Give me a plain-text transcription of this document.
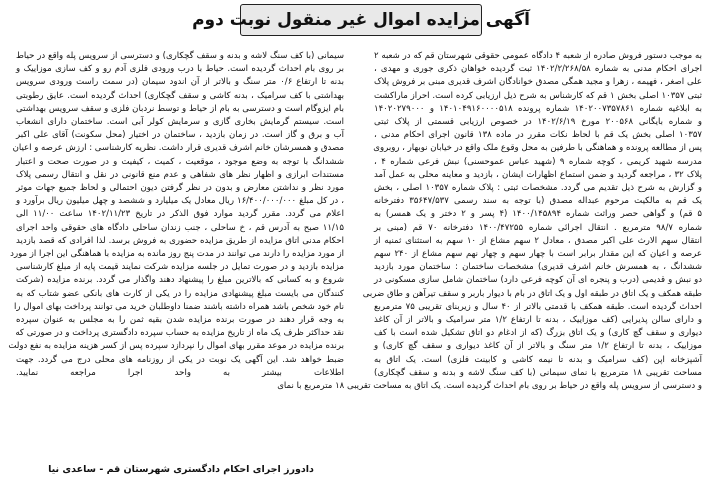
آگهی مزایده اموال غیر منقول نوبت دوم
به موجب دستور فروش صادره از شعبه ۴ دادگاه عمومی حقوقی شهرستان قم که در شعبه ۲
اجرای احکام مدنی به شماره ۱۴۰۲/۲/۲۶۸/۵۸ ثبت گردیده خواهان ذکری جوری و مهدی ،
علی اصغر ، فهیمه ، زهرا و مجید همگی مصدق خوانادگان اشرف قدیری مبنی بر فروش پلاک
ثبتی ۱۰۳۵۷ اصلی بخش ۱ قم که کارشناس به شرح ذیل ارزیابی کرده است. احراز ماراکشت
به ابلاغیه شماره ۱۴۰۲۰۰۷۳۵۷۸۶۱ شماره پرونده ۱۴۰۱۰۴۹۱۶۰۰۰۰۵۱۸ و ۱۴۰۲۰۲۷۹۰۰۰
و شماره بایگانی ۲۰۰۵۶۸ مورخ ۱۴۰۲/۶/۱۹ در خصوص ارزیابی قسمتی از پلاک ثبتی
۱۰۳۵۷ اصلی بخش یک قم با لحاظ نکات مقرر در ماده ۱۳۸ قانون اجرای احکام مدنی ،
پس از مطالعه پرونده و هماهنگی با طرفین به محل وقوع ملک واقع در خیابان نوبهار ، روبروی
مدرسه شهید کریمی ، کوچه شماره ۹ (شهید عباس عموحسنی) نبش فرعی شماره ۴ ،
پلاک ۳۲ ، مراجعه گردید و ضمن استماع اظهارات ایشان ، بازدید و معاینه محلی به عمل آمد
و گزارش به شرح ذیل تقدیم می گردد. مشخصات ثبتی : پلاک شماره ۱۰۳۵۷ اصلی ، بخش
یک قم به مالکیت مرحوم عبداله مصدق (با توجه به سند رسمی ۳۵۶۴۷/۵۳۷ دفترخانه
۵ قم) و گواهی حصر وراثت شماره ۱۴۰۰/۱۴۵۸۹۴ (۴ پسر و ۲ دختر و یک همسر) به
شماره ۹۸/۷ مترمربع . انتقال اجرائی شماره ۱۴۰۰/۴۷۲۵۵ دفترخانه ۷۰ قم (مبنی بر
انتقال سهم الارث علی اکبر مصدق ، معادل ۲ سهم مشاع از ۱۰ سهم به استثنای ثمنیه از
عرصه و اعیان که این مقدار برابر است با چهار سهم و چهار نهم سهم مشاع از ۲۴۰ سهم
ششدانگ ، به همسرش خانم اشرف قدیری) مشخصات ساختمان : ساختمان مورد بازدید
دو نبش و قدیمی (درب و پنجره ای آن کوچه فرعی دارد) ساختمان شامل سازی مسکونی در
طبقه همکف و یک اتاق در طبقه اول و یک اتاق در بام با دیوار باربر و سقف تیرآهن و طاق ضربی
احداث گردیده است. طبقه همکف با قدمتی بالاتر از ۴۰ سال و زیربنای تقریبی ۷۵ مترمربع
و دارای سالن پذیرایی (کف موزاییک ، بدنه تا ارتفاع ۱/۲ متر سرامیک و بالاتر از آن کاغذ
دیواری و سقف گچ کاری) و یک اتاق بزرگ (که از ادغام دو اتاق تشکیل شده است با کف
موزاییک ، بدنه تا ارتفاع ۱/۲ متر سنگ و بالاتر از آن کاغذ دیواری و سقف گچ کاری) و
آشپزخانه اپن (کف سرامیک و بدنه تا نیمه کاشی و کابینت فلزی) است. یک اتاق به
مساحت تقریبی ۱۸ مترمربع با نمای سیمانی (با کف سنگ لاشه و بدنه و سقف گچکاری)
و دسترسی از سرویس پله واقع در حیاط بر روی بام احداث گردیده است. یک اتاق به مساحت تقریبی ۱۸ مترمربع با نمای
سیمانی (با کف سنگ لاشه و بدنه و سقف گچکاری) و دسترسی از سرویس پله واقع در حیاط
بر روی بام احداث گردیده است. حیاط با درب ورودی فلزی آدم رو و کف سازی موزاییک و
بدنه تا ارتفاع ۰/۶ متر سنگ و بالاتر از آن اندود سیمان (در سمت راست ورودی سرویس
بهداشتی با کف سرامیک ، بدنه کاشی و سقف گچکاری) احداث گردیده است. عایق رطوبتی
بام ایزوگام است و دسترسی به بام از حیاط و توسط نردبان فلزی و سقف سرویس بهداشتی
است. سیستم گرمایش بخاری گازی و سرمایش کولر آبی است. ساختمان دارای انشعاب
آب و برق و گاز است. در زمان بازدید ، ساختمان در اختیار (محل سکونت) آقای علی اکبر
مصدق و همسرشان خانم اشرف قدیری قرار داشت. نظریه کارشناسی : ارزش عرصه و اعیان
ششدانگ با توجه به وضع موجود ، موقعیت ، کمیت ، کیفیت و در صورت صحت و اعتبار
مستندات ابرازی و اظهار نظر های شفاهی و عدم منع قانونی در نقل و انتقال رسمی پلاک
مورد نظر و نداشتن معارض و بدون در نظر گرفتن دیون احتمالی و لحاظ جمیع جهات موثر
، در کل مبلغ ۱۶/۴۰۰/۰۰۰/۰۰۰ ریال معادل یک میلیارد و ششصد و چهل میلیون ریال برآورد و
اعلام می گردد. مقرر گردید موارد فوق الذکر در تاریخ ۱۴۰۲/۱۱/۲۳ ساعت ۱۱/۰۰ الی
۱۱/۱۵ صبح به آدرس قم ، خ ساحلی ، جنب زندان ساحلی دادگاه های حقوقی واحد اجرای
احکام مدنی اتاق مزایده از طریق مزایده حضوری به فروش برسد. لذا افرادی که قصد بازدید
از مورد مزایده را دارند می توانند در مدت پنج روز مانده به مزایده با هماهنگی این اجرا از مورد
مزایده بازدید و در صورت تمایل در جلسه مزایده شرکت نمایند قیمت پایه از مبلغ کارشناسی
شروع و به کسانی که بالاترین مبلغ را پیشنهاد دهند واگذار می گردد. برنده مزایده (شرکت
کنندگان می بایست مبلغ پیشنهادی مزایده را در یکی از کارت های بانکی عضو شتاب که به
نام خود شخص باشد همراه داشته باشند ضمنا داوطلبان خرید می توانند پرداخت بهای اموال را
به وجه قرار دهند در صورت برنده مزایده شدن بقیه ثمن را به مجلس به عنوان سپرده
نقد حداکثر ظرف یک ماه از تاریخ مزایده به حساب سپرده دادگستری پرداخت و در صورتی که
برنده مزایده در موعد مقرر بهای اموال را نپردازد سپرده پس از کسر هزینه مزایده به نفع دولت
ضبط خواهد شد. این آگهی یک نوبت در یکی از روزنامه های محلی درج می گردد. جهت
اطلاعات بیشتر به واحد اجرا مراجعه نمایید.
دادورز اجرای احکام دادگستری شهرستان قم - ساعدی نیا
